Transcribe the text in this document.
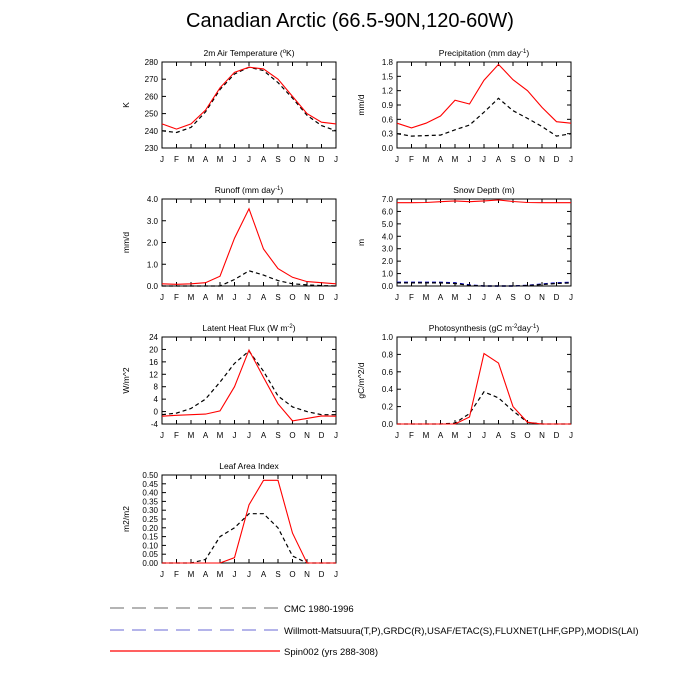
Canadian Arctic (66.5-90N,120-60W)
2m Air Temperature ($^o$K)
K
230
240
250
260
270
280
J F M A M J J A S O N D J
Precipitation (mm day$^{-1}$)
mm/d
0.0
0.3
0.6
0.9
1.2
1.5
1.8
J F M A M J J A S O N D J
Runoff (mm day$^{-1}$)
mm/d
0.0
1.0
2.0
3.0
4.0
J F M A M J J A S O N D J
Snow Depth (m)
m
0.0
1.0
2.0
3.0
4.0
5.0
6.0
7.0
J F M A M J J A S O N D J
Latent Heat Flux (W $m^{-2}$)
W/m^2
-4
0
4
8
12
16
20
24
J F M A M J J A S O N D J
Photosynthesis (gC $m^{-2}day^{-1}$)
gC/m^2/d
0.0
0.2
0.4
0.6
0.8
1.0
J F M A M J J A S O N D J
Leaf Area Index
m2/m2
0.00
0.05
0.10
0.15
0.20
0.25
0.30
0.35
0.40
0.45
0.50
J F M A M J J A S O N D J
CMC 1980-1996
Willmott-Matsuura(T,P),GRDC(R),USAF/ETAC(S),FLUXNET(LHF,GPP),MODIS(LAI)
Spin002 (yrs 288-308)
